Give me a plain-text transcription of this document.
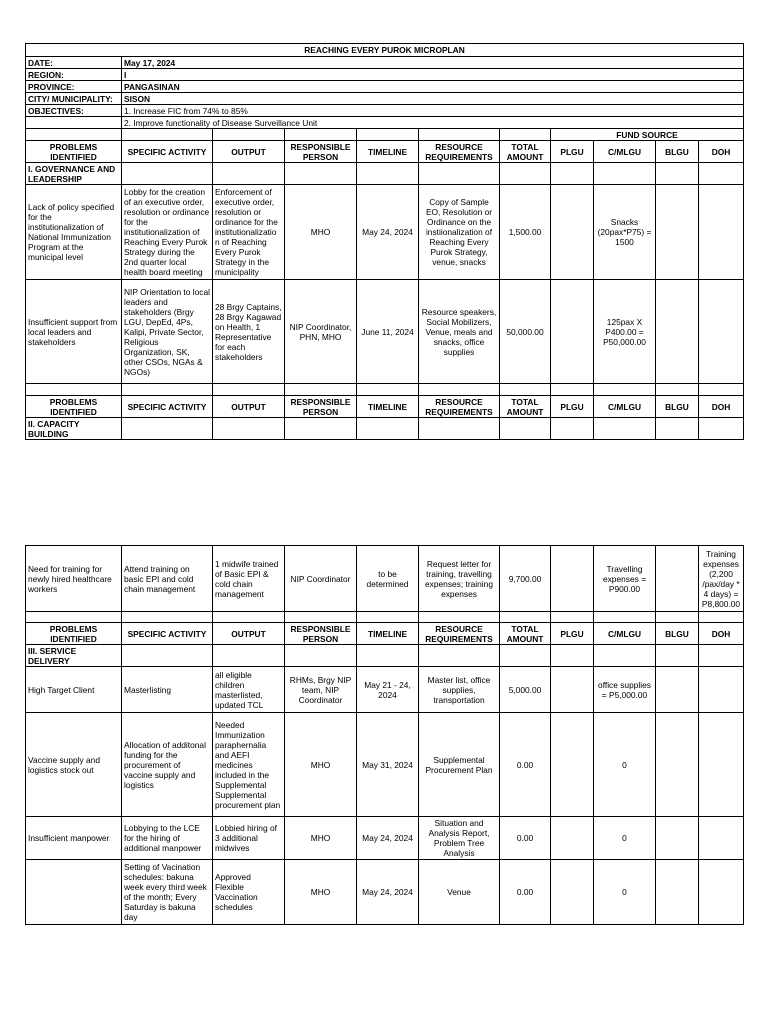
REACHING EVERY PUROK MICROPLAN										
DATE:	May 17, 2024									
REGION:	I									
PROVINCE:	PANGASINAN									
CITY/ MUNICIPALITY:	SISON									
OBJECTIVES:	1. Increase FIC from 74% to 85%									
	2. Improve functionality of Disease Surveillance Unit									
							FUND SOURCE			
PROBLEMS IDENTIFIED	SPECIFIC ACTIVITY	OUTPUT	RESPONSIBLE PERSON	TIMELINE	RESOURCE REQUIREMENTS	TOTAL AMOUNT	PLGU	C/MLGU	BLGU	DOH
I. GOVERNANCE AND LEADERSHIP										
Lack of policy specified for the institutionalization of National Immunization Program at the municipal level	Lobby for the creation of an executive order, resolution or ordinance for the institutionalization of Reaching Every Purok Strategy during the 2nd quarter local health board meeting	Enforcement of executive order, resolution or ordinance for the institutionalizatio n of Reaching Every Purok Strategy in the municipality	MHO	May 24, 2024	Copy of Sample EO, Resolution or Ordinance on the instiionalization of Reaching Every Purok Strategy, venue, snacks	1,500.00		Snacks (20pax*P75) = 1500		
Insufficient support from local leaders and stakeholders	NIP Orientation to local leaders and stakeholders (Brgy LGU, DepEd, 4Ps, Kalipi, Private Sector, Religious Organization, SK, other CSOs, NGAs & NGOs)	28 Brgy Captains, 28 Brgy Kagawad on Health, 1 Representative for each stakeholders	NIP Coordinator, PHN, MHO	June 11, 2024	Resource speakers, Social Mobilizers, Venue, meals and snacks, office supplies	50,000.00		125pax X P400.00 = P50,000.00		

PROBLEMS IDENTIFIED	SPECIFIC ACTIVITY	OUTPUT	RESPONSIBLE PERSON	TIMELINE	RESOURCE REQUIREMENTS	TOTAL AMOUNT	PLGU	C/MLGU	BLGU	DOH
II. CAPACITY BUILDING										
Need for training for newly hired healthcare workers	Attend training on basic EPI and cold chain management	1 midwife trained of Basic EPI & cold chain management	NIP Coordinator	to be determined	Request letter for training, travelling expenses; training expenses	9,700.00		Travelling expenses = P900.00		Training expenses (2,200 /pax/day * 4 days) = P8,800.00

PROBLEMS IDENTIFIED	SPECIFIC ACTIVITY	OUTPUT	RESPONSIBLE PERSON	TIMELINE	RESOURCE REQUIREMENTS	TOTAL AMOUNT	PLGU	C/MLGU	BLGU	DOH
III. SERVICE DELIVERY										
High Target Client	Masterlisting	all eligible children masterlisted, updated TCL	RHMs, Brgy NIP team, NIP Coordinator	May 21 - 24, 2024	Master list, office supplies, transportation	5,000.00		office supplies = P5,000.00		
Vaccine supply and logistics stock out	Allocation of additonal funding for the procurement of vaccine supply and logistics	Needed Immunization paraphernalia and AEFI medicines included in the Supplemental Supplemental procurement plan	MHO	May 31, 2024	Supplemental Procurement Plan	0.00		0		
Insufficient manpower	Lobbying to the LCE for the hiring of additional manpower	Lobbied hiring of 3 additional midwives	MHO	May 24, 2024	Situation and Analysis Report, Problem Tree Analysis	0.00		0		
	Setting of Vacination schedules: bakuna week every third week of the month; Every Saturday is bakuna day	Approved Flexible Vaccination schedules	MHO	May 24, 2024	Venue	0.00		0		
